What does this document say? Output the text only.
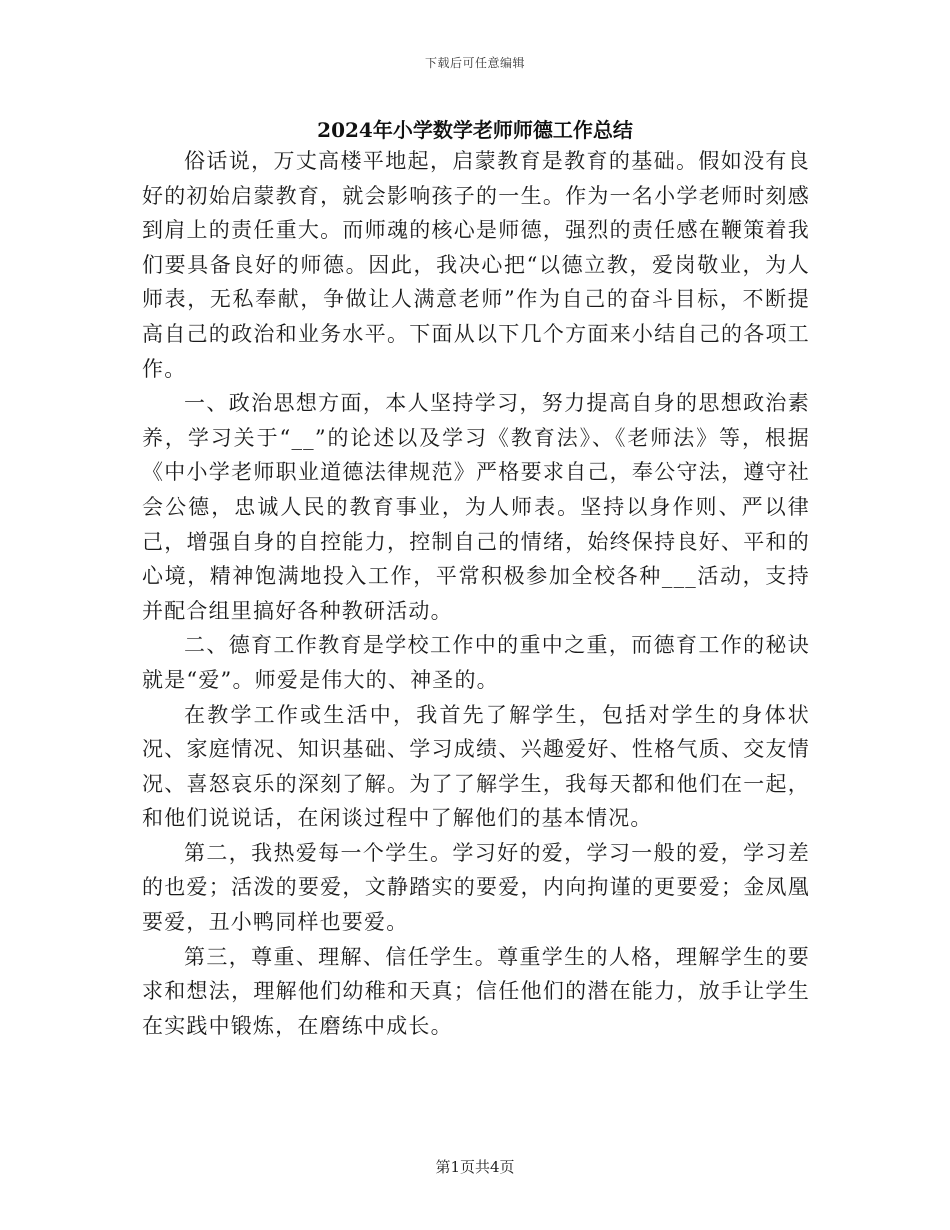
下载后可任意编辑
2024年小学数学老师师德工作总结

俗话说，万丈高楼平地起，启蒙教育是教育的基础。假如没有良好的初始启蒙教育，就会影响孩子的一生。作为一名小学老师时刻感到肩上的责任重大。而师魂的核心是师德，强烈的责任感在鞭策着我们要具备良好的师德。因此，我决心把“以德立教，爱岗敬业，为人师表，无私奉献，争做让人满意老师”作为自己的奋斗目标，不断提高自己的政治和业务水平。下面从以下几个方面来小结自己的各项工作。

一、政治思想方面，本人坚持学习，努力提高自身的思想政治素养，学习关于“__”的论述以及学习《教育法》、《老师法》等，根据《中小学老师职业道德法律规范》严格要求自己，奉公守法，遵守社会公德，忠诚人民的教育事业，为人师表。坚持以身作则、严以律己，增强自身的自控能力，控制自己的情绪，始终保持良好、平和的心境，精神饱满地投入工作，平常积极参加全校各种___活动，支持并配合组里搞好各种教研活动。

二、德育工作教育是学校工作中的重中之重，而德育工作的秘诀就是“爱”。师爱是伟大的、神圣的。

在教学工作或生活中，我首先了解学生，包括对学生的身体状况、家庭情况、知识基础、学习成绩、兴趣爱好、性格气质、交友情况、喜怒哀乐的深刻了解。为了了解学生，我每天都和他们在一起，和他们说说话，在闲谈过程中了解他们的基本情况。

第二，我热爱每一个学生。学习好的爱，学习一般的爱，学习差的也爱；活泼的要爱，文静踏实的要爱，内向拘谨的更要爱；金凤凰要爱，丑小鸭同样也要爱。

第三，尊重、理解、信任学生。尊重学生的人格，理解学生的要求和想法，理解他们幼稚和天真；信任他们的潜在能力，放手让学生在实践中锻炼，在磨练中成长。

第1页共4页
